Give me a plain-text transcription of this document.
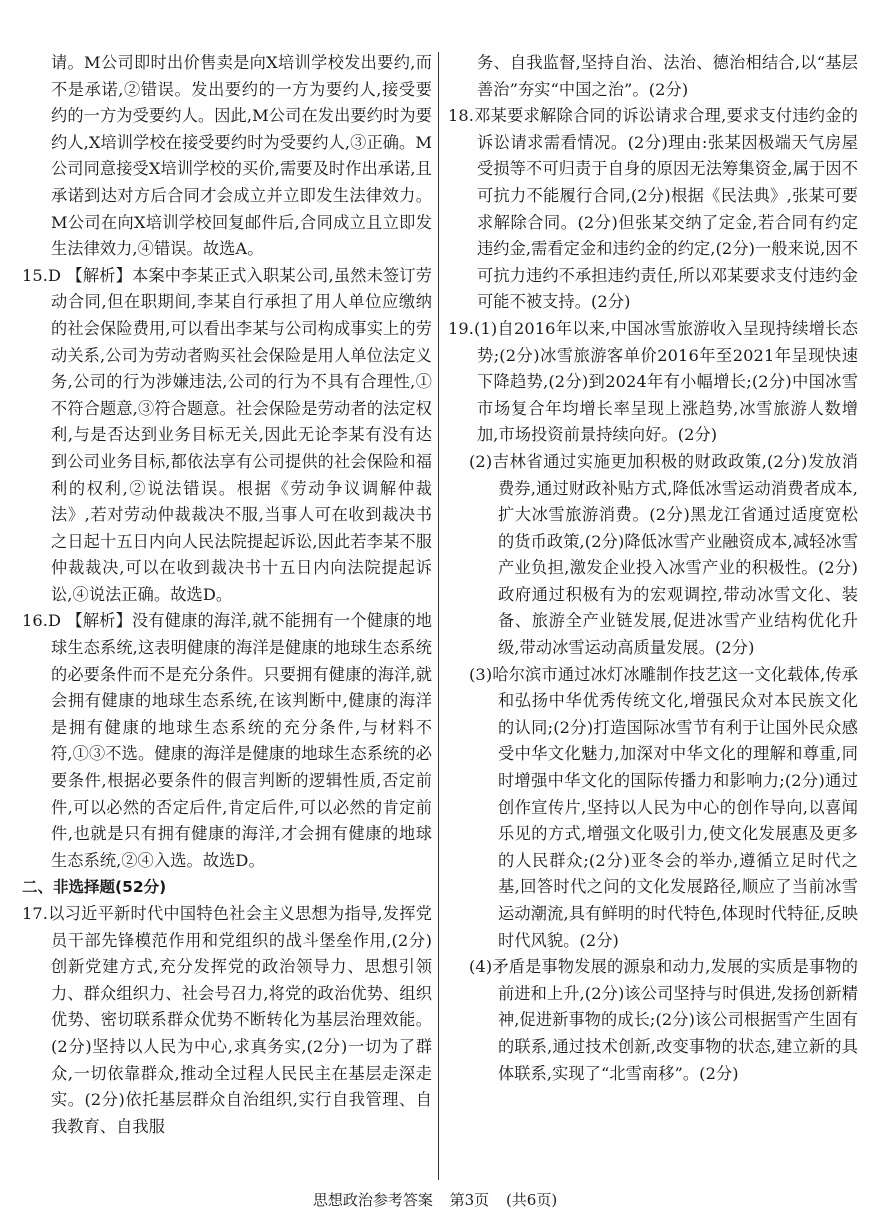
请。M公司即时出价售卖是向X培训学校发出要约,而不是承诺,②错误。发出要约的一方为要约人,接受要约的一方为受要约人。因此,M公司在发出要约时为要约人,X培训学校在接受要约时为受要约人,③正确。M公司同意接受X培训学校的买价,需要及时作出承诺,且承诺到达对方后合同才会成立并立即发生法律效力。M公司在向X培训学校回复邮件后,合同成立且立即发生法律效力,④错误。故选A。

15.D 【解析】本案中李某正式入职某公司,虽然未签订劳动合同,但在职期间,李某自行承担了用人单位应缴纳的社会保险费用,可以看出李某与公司构成事实上的劳动关系,公司为劳动者购买社会保险是用人单位法定义务,公司的行为涉嫌违法,公司的行为不具有合理性,①不符合题意,③符合题意。社会保险是劳动者的法定权利,与是否达到业务目标无关,因此无论李某有没有达到公司业务目标,都依法享有公司提供的社会保险和福利的权利,②说法错误。根据《劳动争议调解仲裁法》,若对劳动仲裁裁决不服,当事人可在收到裁决书之日起十五日内向人民法院提起诉讼,因此若李某不服仲裁裁决,可以在收到裁决书十五日内向法院提起诉讼,④说法正确。故选D。

16.D 【解析】没有健康的海洋,就不能拥有一个健康的地球生态系统,这表明健康的海洋是健康的地球生态系统的必要条件而不是充分条件。只要拥有健康的海洋,就会拥有健康的地球生态系统,在该判断中,健康的海洋是拥有健康的地球生态系统的充分条件,与材料不符,①③不选。健康的海洋是健康的地球生态系统的必要条件,根据必要条件的假言判断的逻辑性质,否定前件,可以必然的否定后件,肯定后件,可以必然的肯定前件,也就是只有拥有健康的海洋,才会拥有健康的地球生态系统,②④入选。故选D。

二、非选择题(52分)

17.以习近平新时代中国特色社会主义思想为指导,发挥党员干部先锋模范作用和党组织的战斗堡垒作用,(2分)创新党建方式,充分发挥党的政治领导力、思想引领力、群众组织力、社会号召力,将党的政治优势、组织优势、密切联系群众优势不断转化为基层治理效能。(2分)坚持以人民为中心,求真务实,(2分)一切为了群众,一切依靠群众,推动全过程人民民主在基层走深走实。(2分)依托基层群众自治组织,实行自我管理、自我教育、自我服

务、自我监督,坚持自治、法治、德治相结合,以“基层善治”夯实“中国之治”。(2分)

18.邓某要求解除合同的诉讼请求合理,要求支付违约金的诉讼请求需看情况。(2分)理由:张某因极端天气房屋受损等不可归责于自身的原因无法筹集资金,属于因不可抗力不能履行合同,(2分)根据《民法典》,张某可要求解除合同。(2分)但张某交纳了定金,若合同有约定违约金,需看定金和违约金的约定,(2分)一般来说,因不可抗力违约不承担违约责任,所以邓某要求支付违约金可能不被支持。(2分)

19.(1)自2016年以来,中国冰雪旅游收入呈现持续增长态势;(2分)冰雪旅游客单价2016年至2021年呈现快速下降趋势,(2分)到2024年有小幅增长;(2分)中国冰雪市场复合年均增长率呈现上涨趋势,冰雪旅游人数增加,市场投资前景持续向好。(2分)

(2)吉林省通过实施更加积极的财政政策,(2分)发放消费券,通过财政补贴方式,降低冰雪运动消费者成本,扩大冰雪旅游消费。(2分)黑龙江省通过适度宽松的货币政策,(2分)降低冰雪产业融资成本,减轻冰雪产业负担,激发企业投入冰雪产业的积极性。(2分)政府通过积极有为的宏观调控,带动冰雪文化、装备、旅游全产业链发展,促进冰雪产业结构优化升级,带动冰雪运动高质量发展。(2分)

(3)哈尔滨市通过冰灯冰雕制作技艺这一文化载体,传承和弘扬中华优秀传统文化,增强民众对本民族文化的认同;(2分)打造国际冰雪节有利于让国外民众感受中华文化魅力,加深对中华文化的理解和尊重,同时增强中华文化的国际传播力和影响力;(2分)通过创作宣传片,坚持以人民为中心的创作导向,以喜闻乐见的方式,增强文化吸引力,使文化发展惠及更多的人民群众;(2分)亚冬会的举办,遵循立足时代之基,回答时代之问的文化发展路径,顺应了当前冰雪运动潮流,具有鲜明的时代特色,体现时代特征,反映时代风貌。(2分)

(4)矛盾是事物发展的源泉和动力,发展的实质是事物的前进和上升,(2分)该公司坚持与时俱进,发扬创新精神,促进新事物的成长;(2分)该公司根据雪产生固有的联系,通过技术创新,改变事物的状态,建立新的具体联系,实现了“北雪南移”。(2分)

思想政治参考答案 第3页 (共6页)
